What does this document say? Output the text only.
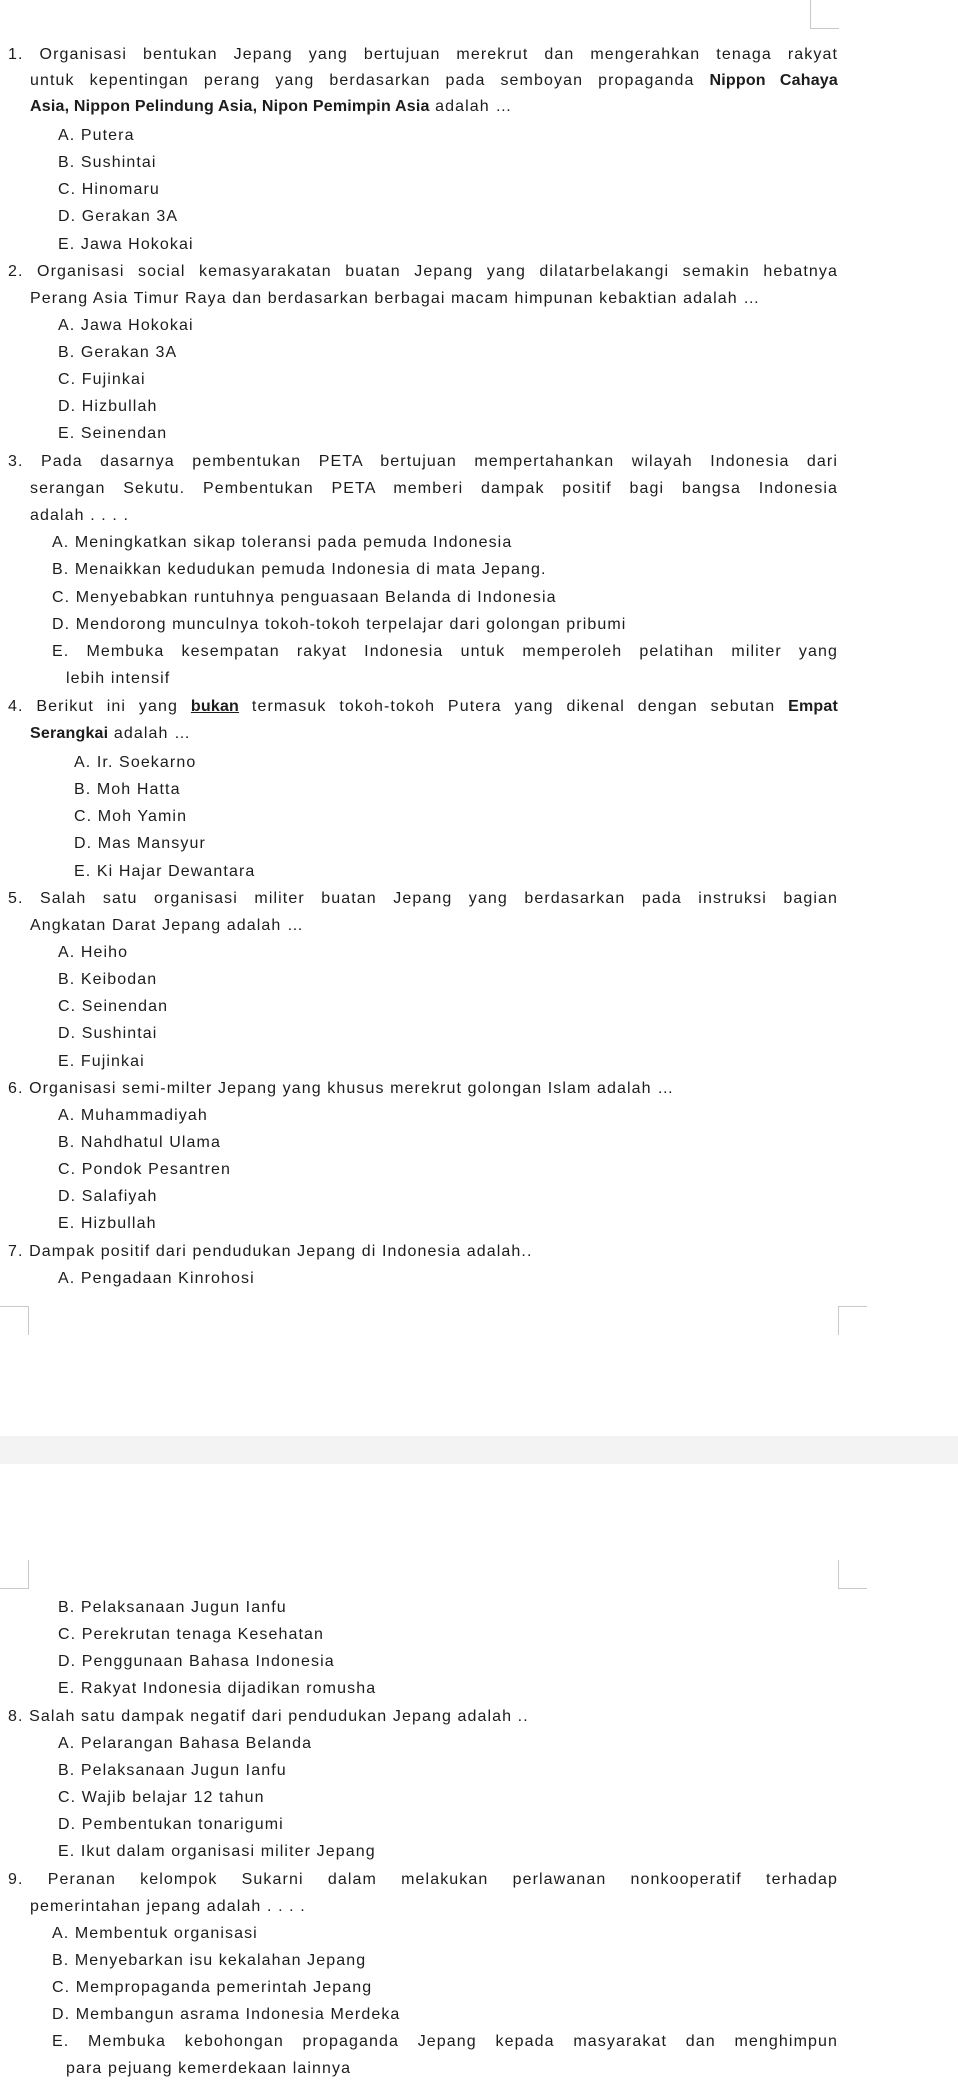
1. Organisasi bentukan Jepang yang bertujuan merekrut dan mengerahkan tenaga rakyat
untuk kepentingan perang yang berdasarkan pada semboyan propaganda Nippon Cahaya
Asia, Nippon Pelindung Asia, Nipon Pemimpin Asia adalah …
A. Putera
B. Sushintai
C. Hinomaru
D. Gerakan 3A
E. Jawa Hokokai
2. Organisasi social kemasyarakatan buatan Jepang yang dilatarbelakangi semakin hebatnya
Perang Asia Timur Raya dan berdasarkan berbagai macam himpunan kebaktian adalah …
A. Jawa Hokokai
B. Gerakan 3A
C. Fujinkai
D. Hizbullah
E. Seinendan
3. Pada dasarnya pembentukan PETA bertujuan mempertahankan wilayah Indonesia dari
serangan Sekutu. Pembentukan PETA memberi dampak positif bagi bangsa Indonesia
adalah . . . .
A. Meningkatkan sikap toleransi pada pemuda Indonesia
B. Menaikkan kedudukan pemuda Indonesia di mata Jepang.
C. Menyebabkan runtuhnya penguasaan Belanda di Indonesia
D. Mendorong munculnya tokoh-tokoh terpelajar dari golongan pribumi
E. Membuka kesempatan rakyat Indonesia untuk memperoleh pelatihan militer yang
lebih intensif
4. Berikut ini yang bukan termasuk tokoh-tokoh Putera yang dikenal dengan sebutan Empat
Serangkai adalah …
A. Ir. Soekarno
B. Moh Hatta
C. Moh Yamin
D. Mas Mansyur
E. Ki Hajar Dewantara
5. Salah satu organisasi militer buatan Jepang yang berdasarkan pada instruksi bagian
Angkatan Darat Jepang adalah …
A. Heiho
B. Keibodan
C. Seinendan
D. Sushintai
E. Fujinkai
6. Organisasi semi-milter Jepang yang khusus merekrut golongan Islam adalah …
A. Muhammadiyah
B. Nahdhatul Ulama
C. Pondok Pesantren
D. Salafiyah
E. Hizbullah
7. Dampak positif dari pendudukan Jepang di Indonesia adalah..
A. Pengadaan Kinrohosi
B. Pelaksanaan Jugun Ianfu
C. Perekrutan tenaga Kesehatan
D. Penggunaan Bahasa Indonesia
E. Rakyat Indonesia dijadikan romusha
8. Salah satu dampak negatif dari pendudukan Jepang adalah ..
A. Pelarangan Bahasa Belanda
B. Pelaksanaan Jugun Ianfu
C. Wajib belajar 12 tahun
D. Pembentukan tonarigumi
E. Ikut dalam organisasi militer Jepang
9. Peranan kelompok Sukarni dalam melakukan perlawanan nonkooperatif terhadap
pemerintahan jepang adalah . . . .
A. Membentuk organisasi
B. Menyebarkan isu kekalahan Jepang
C. Mempropaganda pemerintah Jepang
D. Membangun asrama Indonesia Merdeka
E. Membuka kebohongan propaganda Jepang kepada masyarakat dan menghimpun
para pejuang kemerdekaan lainnya
